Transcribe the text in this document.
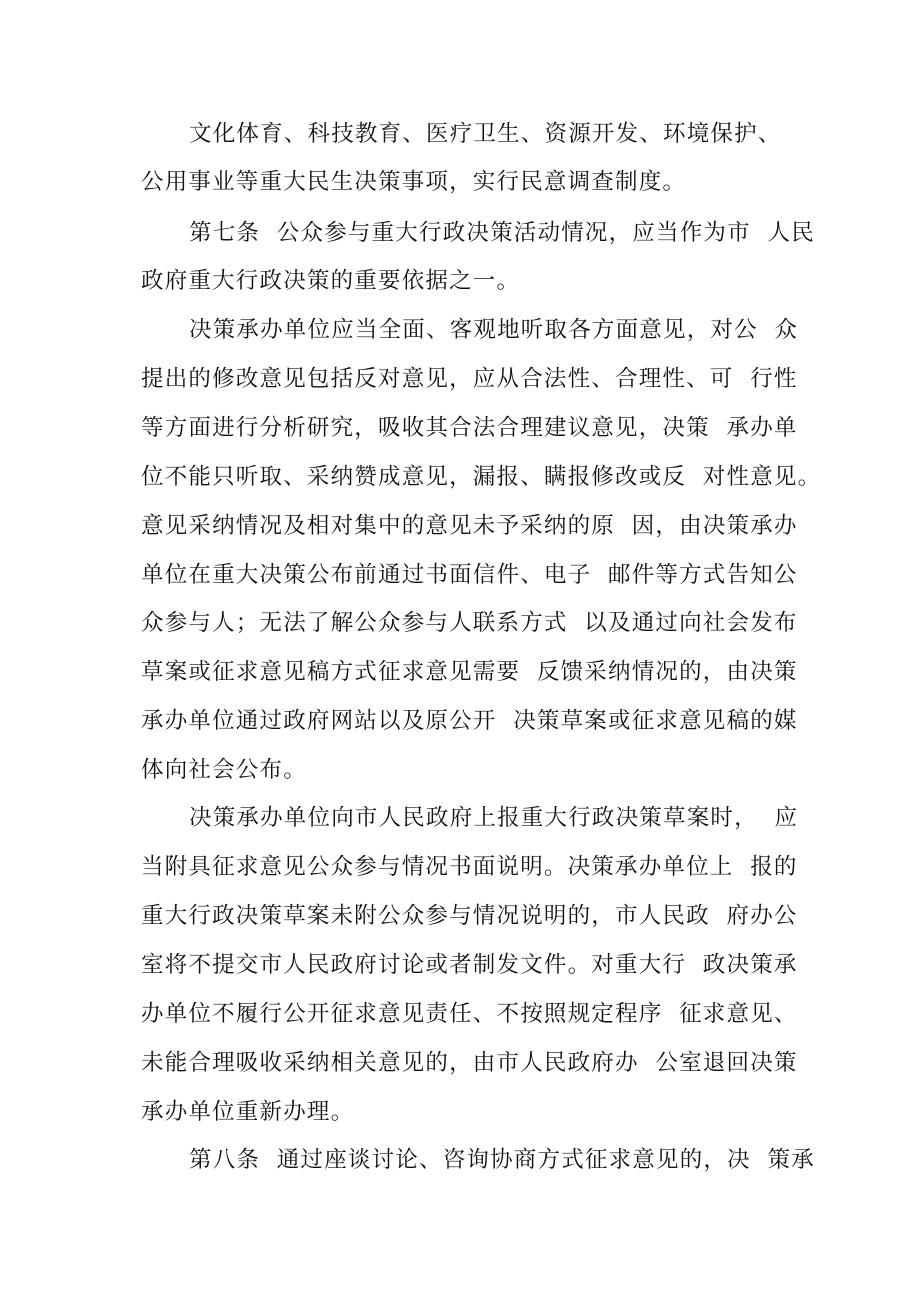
文化体育、科技教育、医疗卫生、资源开发、环境保护、
公用事业等重大民生决策事项，实行民意调查制度。
第七条  公众参与重大行政决策活动情况，应当作为市  人民
政府重大行政决策的重要依据之一。
决策承办单位应当全面、客观地听取各方面意见，对公  众
提出的修改意见包括反对意见，应从合法性、合理性、可  行性
等方面进行分析研究，吸收其合法合理建议意见，决策  承办单
位不能只听取、采纳赞成意见，漏报、瞒报修改或反  对性意见。
意见采纳情况及相对集中的意见未予采纳的原  因，由决策承办
单位在重大决策公布前通过书面信件、电子  邮件等方式告知公
众参与人；无法了解公众参与人联系方式  以及通过向社会发布
草案或征求意见稿方式征求意见需要  反馈采纳情况的，由决策
承办单位通过政府网站以及原公开  决策草案或征求意见稿的媒
体向社会公布。
决策承办单位向市人民政府上报重大行政决策草案时，  应
当附具征求意见公众参与情况书面说明。决策承办单位上  报的
重大行政决策草案未附公众参与情况说明的，市人民政  府办公
室将不提交市人民政府讨论或者制发文件。对重大行  政决策承
办单位不履行公开征求意见责任、不按照规定程序  征求意见、
未能合理吸收采纳相关意见的，由市人民政府办  公室退回决策
承办单位重新办理。
第八条  通过座谈讨论、咨询协商方式征求意见的，决  策承
